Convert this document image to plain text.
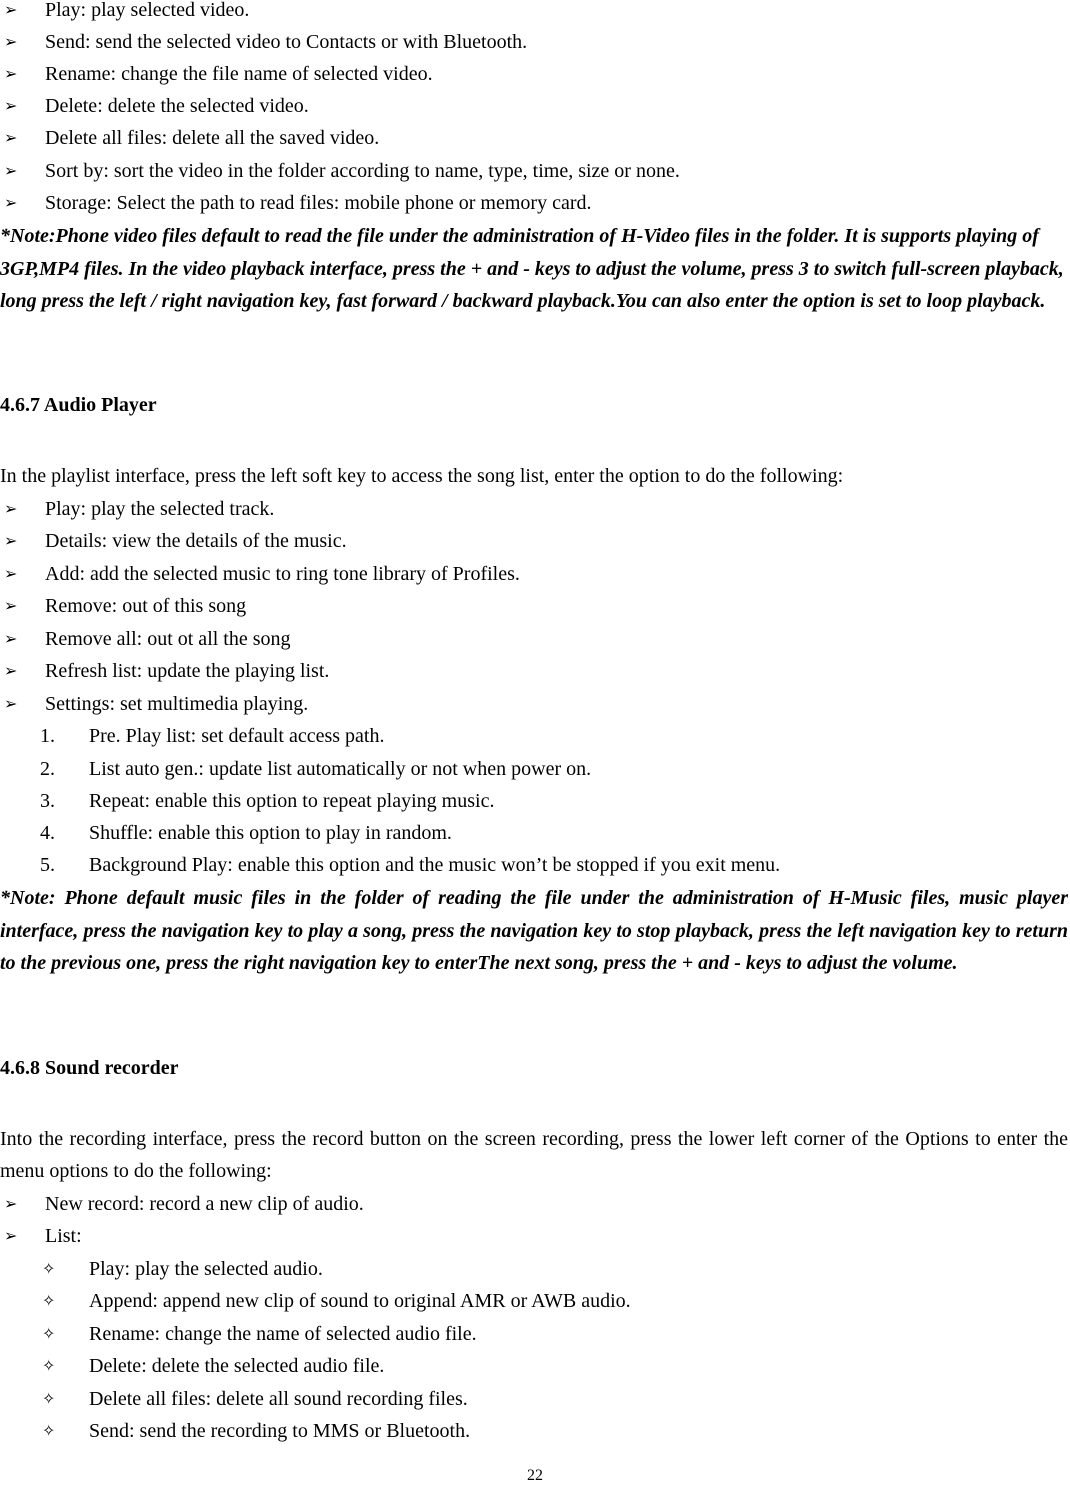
➢ Play: play selected video.
➢ Send: send the selected video to Contacts or with Bluetooth.
➢ Rename: change the file name of selected video.
➢ Delete: delete the selected video.
➢ Delete all files: delete all the saved video.
➢ Sort by: sort the video in the folder according to name, type, time, size or none.
➢ Storage: Select the path to read files: mobile phone or memory card.
*Note:Phone video files default to read the file under the administration of H-Video files in the folder. It is supports playing of 3GP,MP4 files. In the video playback interface, press the + and - keys to adjust the volume, press 3 to switch full-screen playback, long press the left / right navigation key, fast forward / backward playback.You can also enter the option is set to loop playback.
4.6.7 Audio Player
In the playlist interface, press the left soft key to access the song list, enter the option to do the following:
➢ Play: play the selected track.
➢ Details: view the details of the music.
➢ Add: add the selected music to ring tone library of Profiles.
➢ Remove: out of this song
➢ Remove all: out ot all the song
➢ Refresh list: update the playing list.
➢ Settings: set multimedia playing.
1. Pre. Play list: set default access path.
2. List auto gen.: update list automatically or not when power on.
3. Repeat: enable this option to repeat playing music.
4. Shuffle: enable this option to play in random.
5. Background Play: enable this option and the music won’t be stopped if you exit menu.
*Note: Phone default music files in the folder of reading the file under the administration of H-Music files, music player interface, press the navigation key to play a song, press the navigation key to stop playback, press the left navigation key to return to the previous one, press the right navigation key to enterThe next song, press the + and - keys to adjust the volume.
4.6.8 Sound recorder
Into the recording interface, press the record button on the screen recording, press the lower left corner of the Options to enter the menu options to do the following:
➢ New record: record a new clip of audio.
➢ List:
✧ Play: play the selected audio.
✧ Append: append new clip of sound to original AMR or AWB audio.
✧ Rename: change the name of selected audio file.
✧ Delete: delete the selected audio file.
✧ Delete all files: delete all sound recording files.
✧ Send: send the recording to MMS or Bluetooth.
22
